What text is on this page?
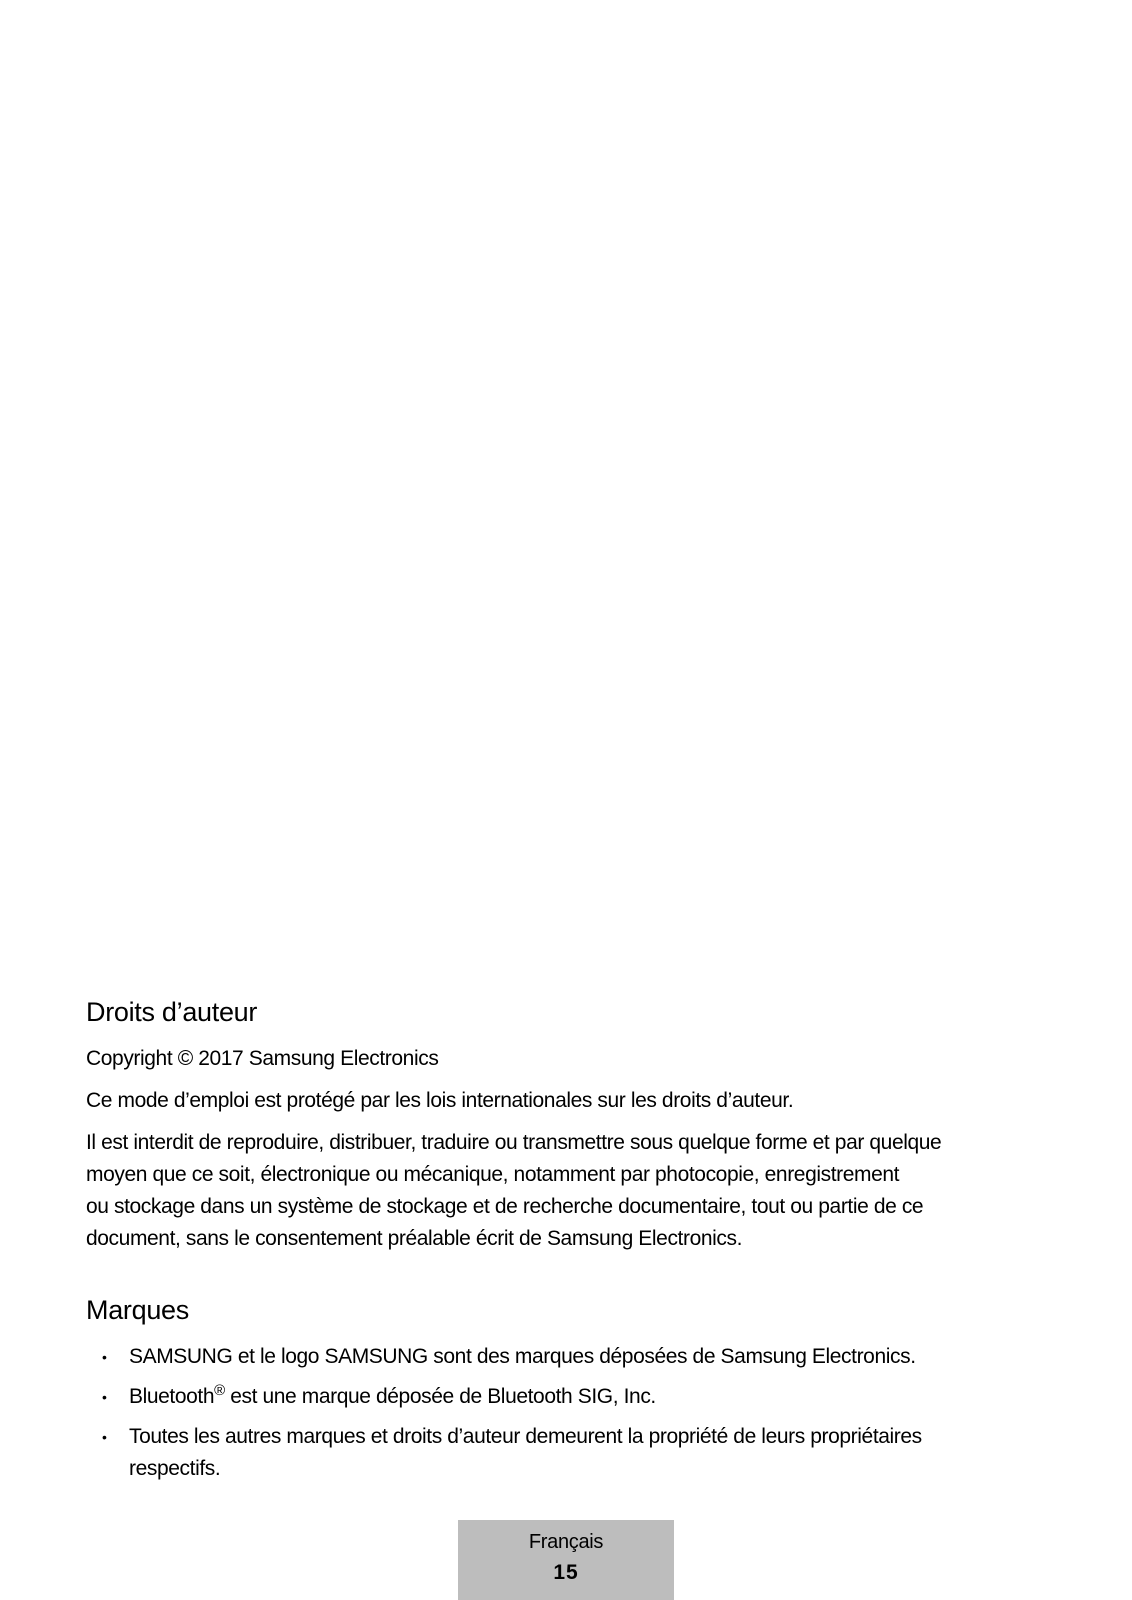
Droits d’auteur

Copyright © 2017 Samsung Electronics

Ce mode d’emploi est protégé par les lois internationales sur les droits d’auteur.

Il est interdit de reproduire, distribuer, traduire ou transmettre sous quelque forme et par quelque
moyen que ce soit, électronique ou mécanique, notamment par photocopie, enregistrement
ou stockage dans un système de stockage et de recherche documentaire, tout ou partie de ce
document, sans le consentement préalable écrit de Samsung Electronics.

Marques
• SAMSUNG et le logo SAMSUNG sont des marques déposées de Samsung Electronics.
• Bluetooth® est une marque déposée de Bluetooth SIG, Inc.
• Toutes les autres marques et droits d’auteur demeurent la propriété de leurs propriétaires
respectifs.
Français
15
